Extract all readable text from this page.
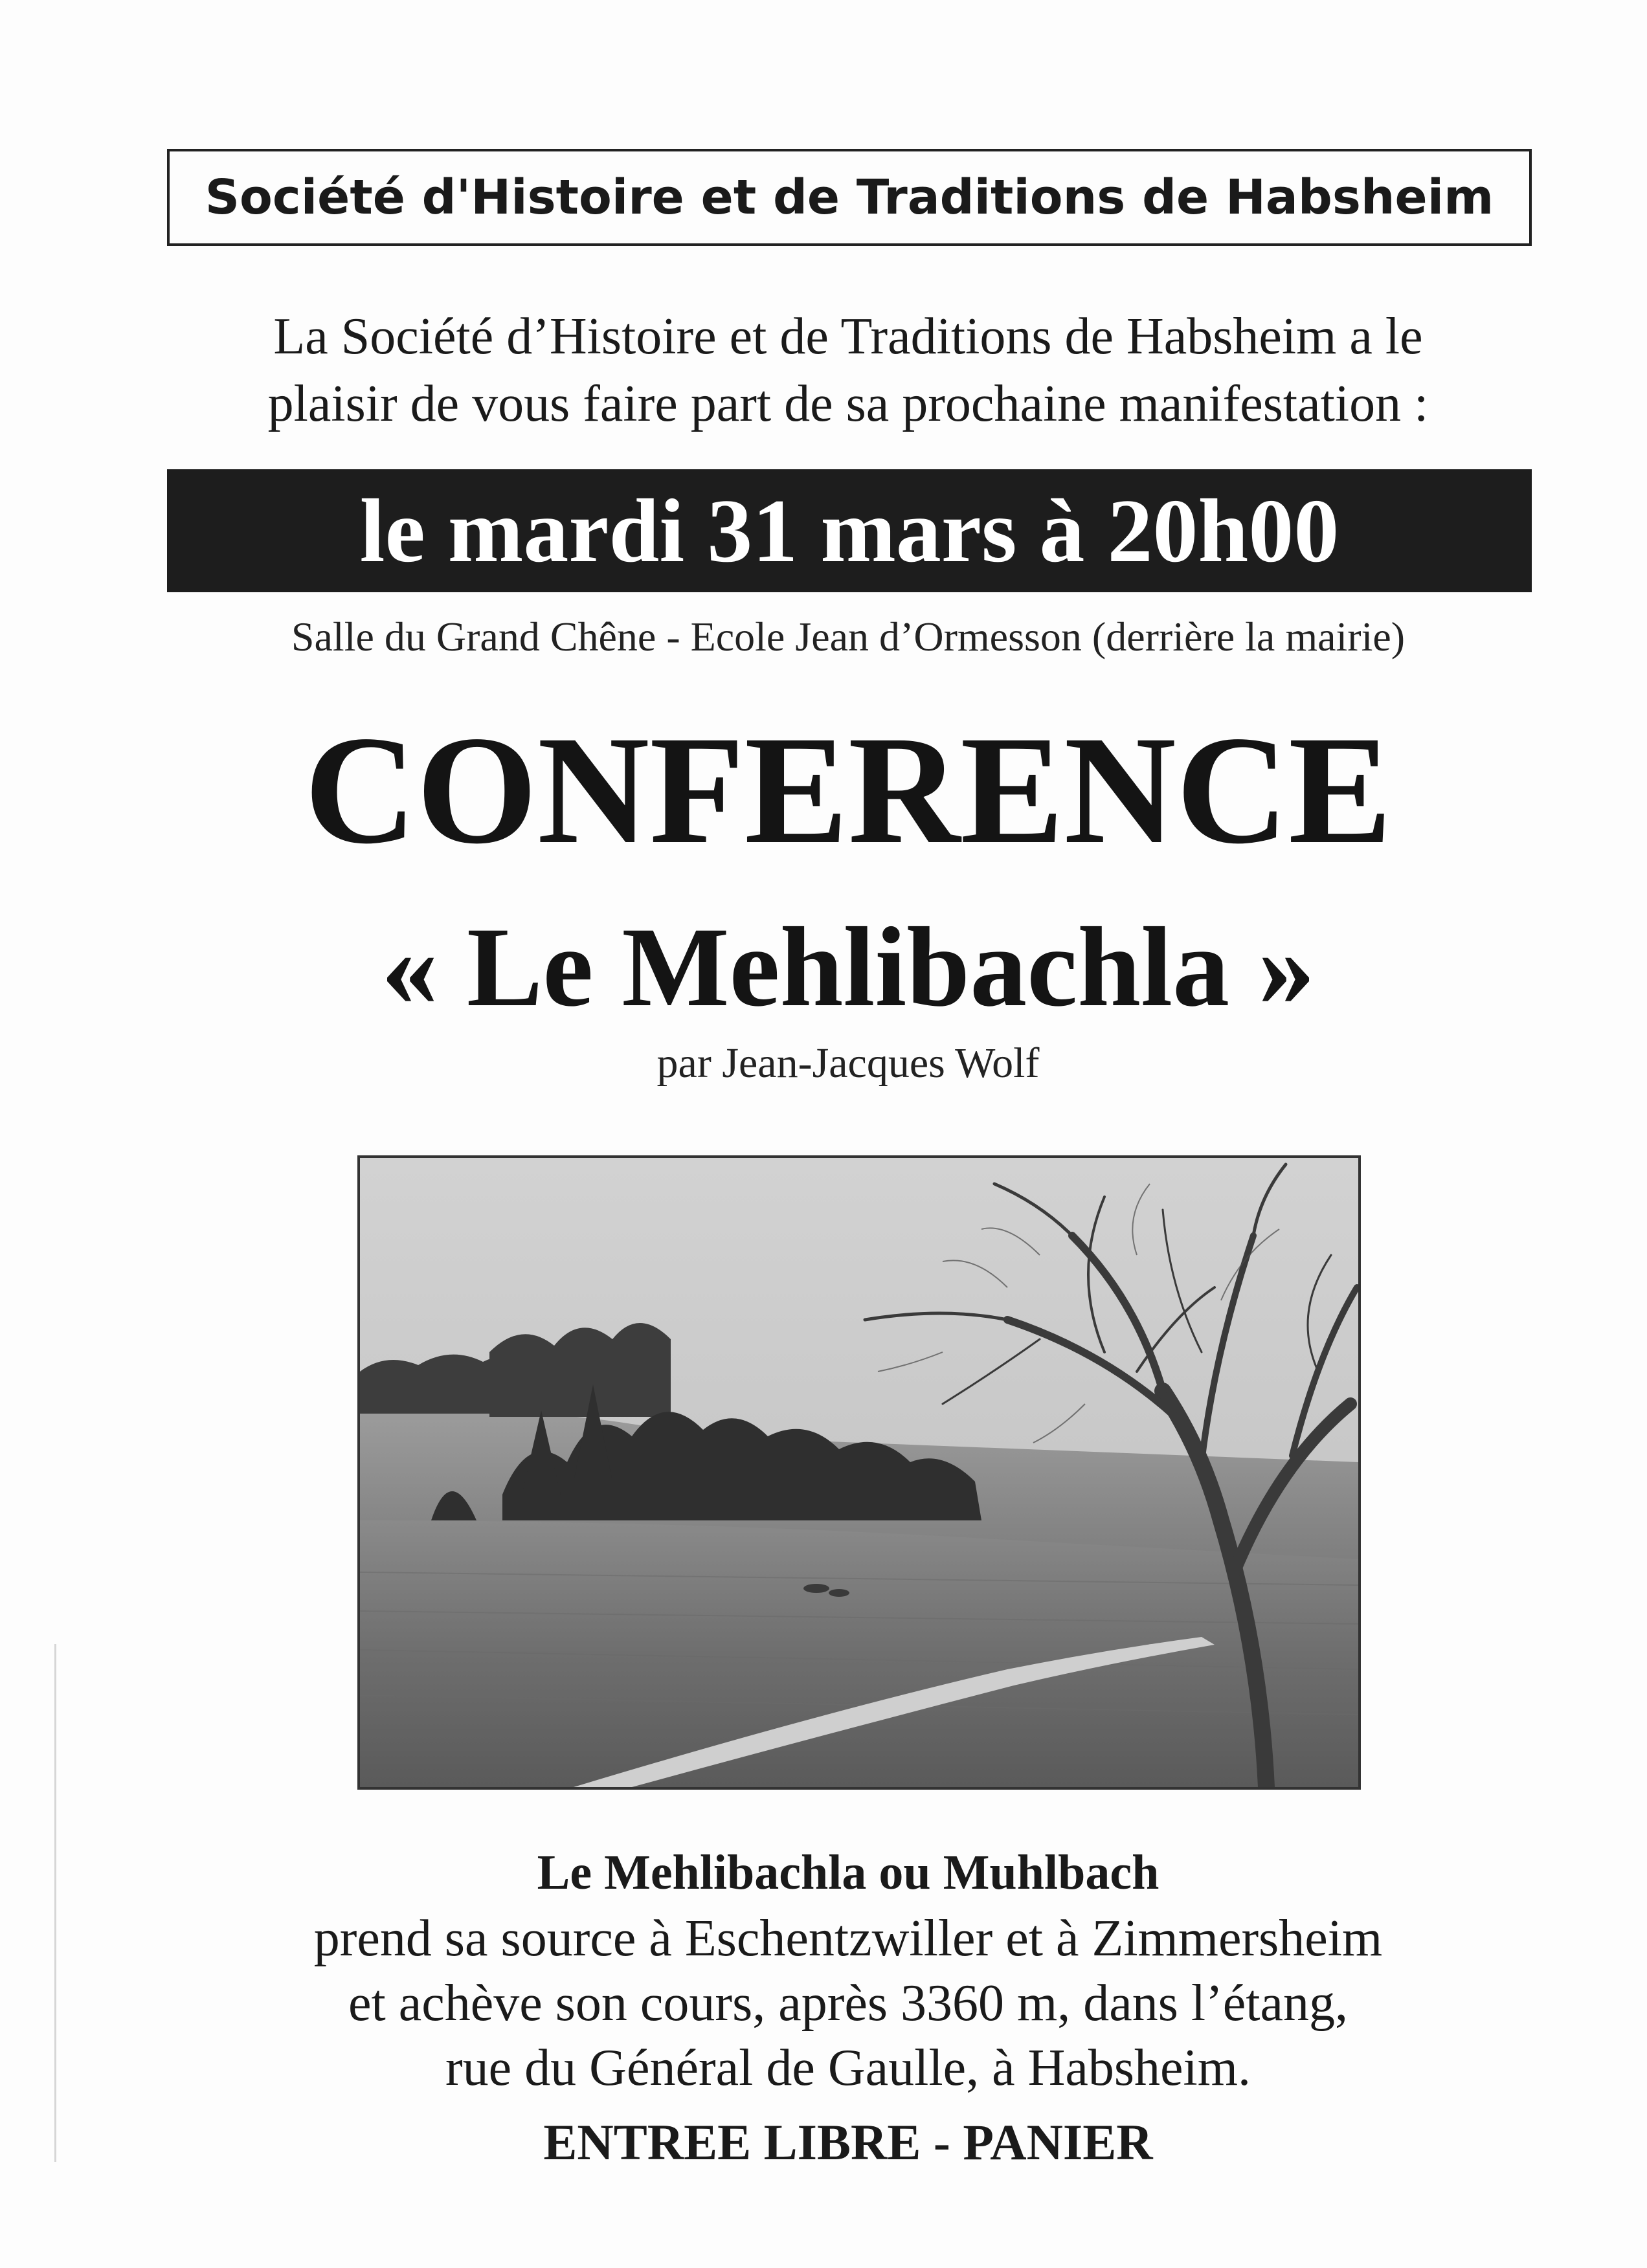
Société d'Histoire et de Traditions de Habsheim
La Société d’Histoire et de Traditions de Habsheim a le
plaisir de vous faire part de sa prochaine manifestation :
le mardi 31 mars à 20h00
Salle du Grand Chêne - Ecole Jean d’Ormesson (derrière la mairie)
CONFERENCE
« Le Mehlibachla »
par Jean-Jacques Wolf
Le Mehlibachla ou Muhlbach
prend sa source à Eschentzwiller et à Zimmersheim
et achève son cours, après 3360 m, dans l’étang,
rue du Général de Gaulle, à Habsheim.
ENTREE LIBRE - PANIER
